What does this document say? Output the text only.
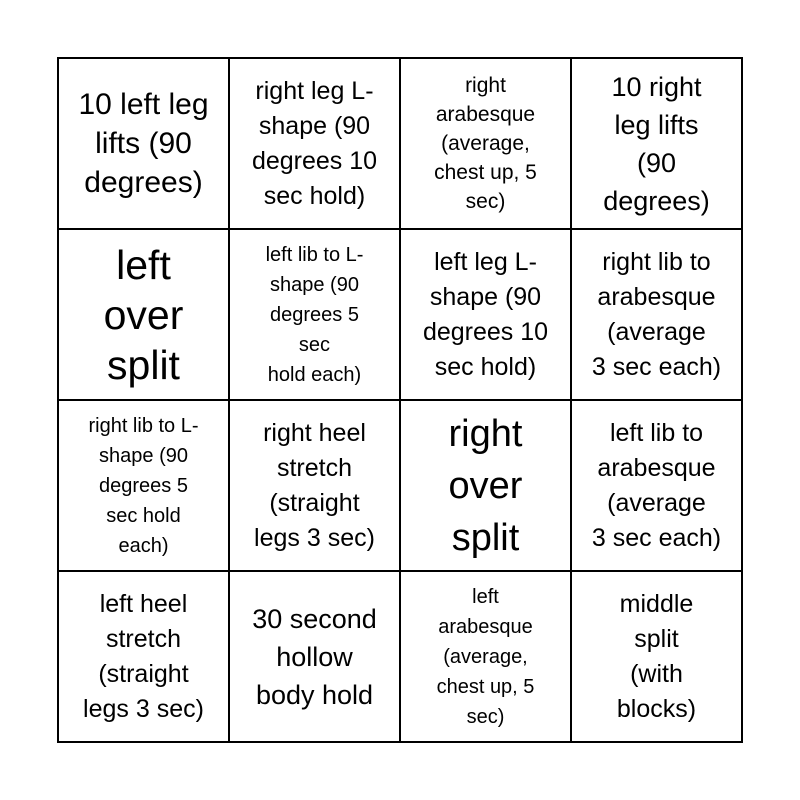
10 left leg
lifts (90
degrees)
right leg L-
shape (90
degrees 10
sec hold)
right
arabesque
(average,
chest up, 5
sec)
10 right
leg lifts
(90
degrees)
left
over
split
left lib to L-
shape (90
degrees 5
sec
hold each)
left leg L-
shape (90
degrees 10
sec hold)
right lib to
arabesque
(average
3 sec each)
right lib to L-
shape (90
degrees 5
sec hold
each)
right heel
stretch
(straight
legs 3 sec)
right
over
split
left lib to
arabesque
(average
3 sec each)
left heel
stretch
(straight
legs 3 sec)
30 second
hollow
body hold
left
arabesque
(average,
chest up, 5
sec)
middle
split
(with
blocks)
